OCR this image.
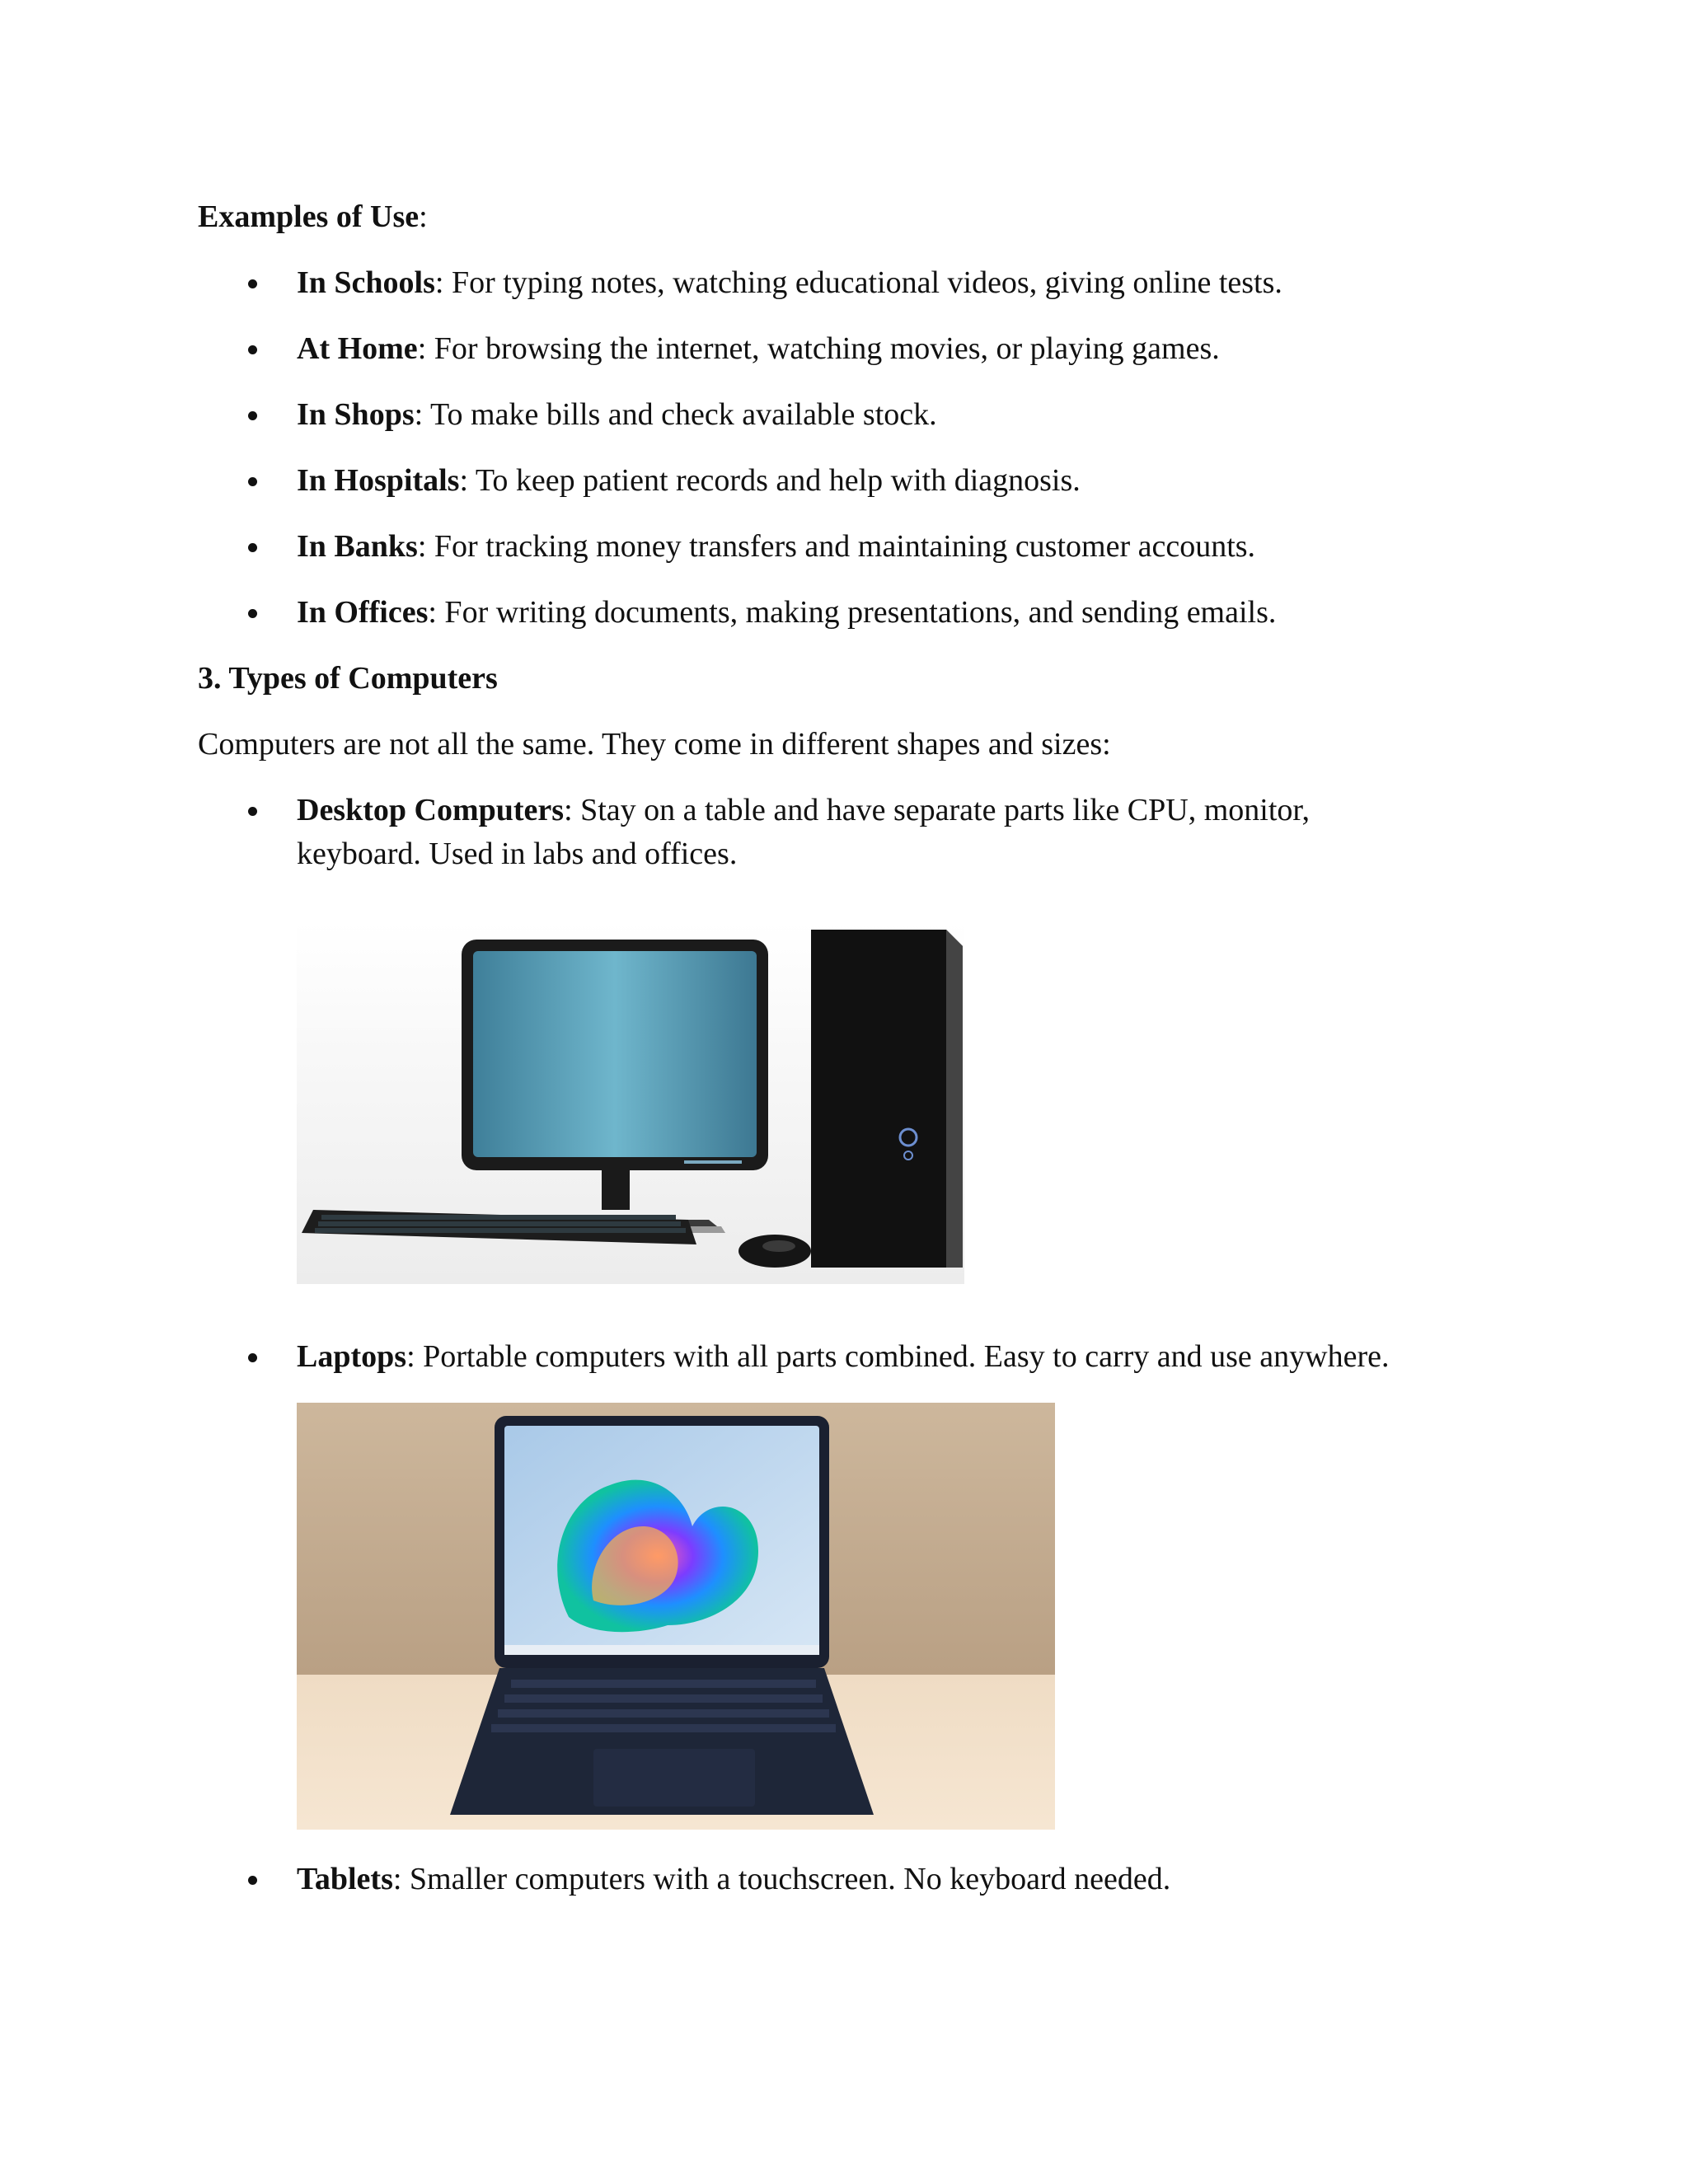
Examples of Use:
In Schools: For typing notes, watching educational videos, giving online tests.
At Home: For browsing the internet, watching movies, or playing games.
In Shops: To make bills and check available stock.
In Hospitals: To keep patient records and help with diagnosis.
In Banks: For tracking money transfers and maintaining customer accounts.
In Offices: For writing documents, making presentations, and sending emails.
3. Types of Computers
Computers are not all the same. They come in different shapes and sizes:
Desktop Computers: Stay on a table and have separate parts like CPU, monitor,
keyboard. Used in labs and offices.
Laptops: Portable computers with all parts combined. Easy to carry and use anywhere.
Tablets: Smaller computers with a touchscreen. No keyboard needed.
